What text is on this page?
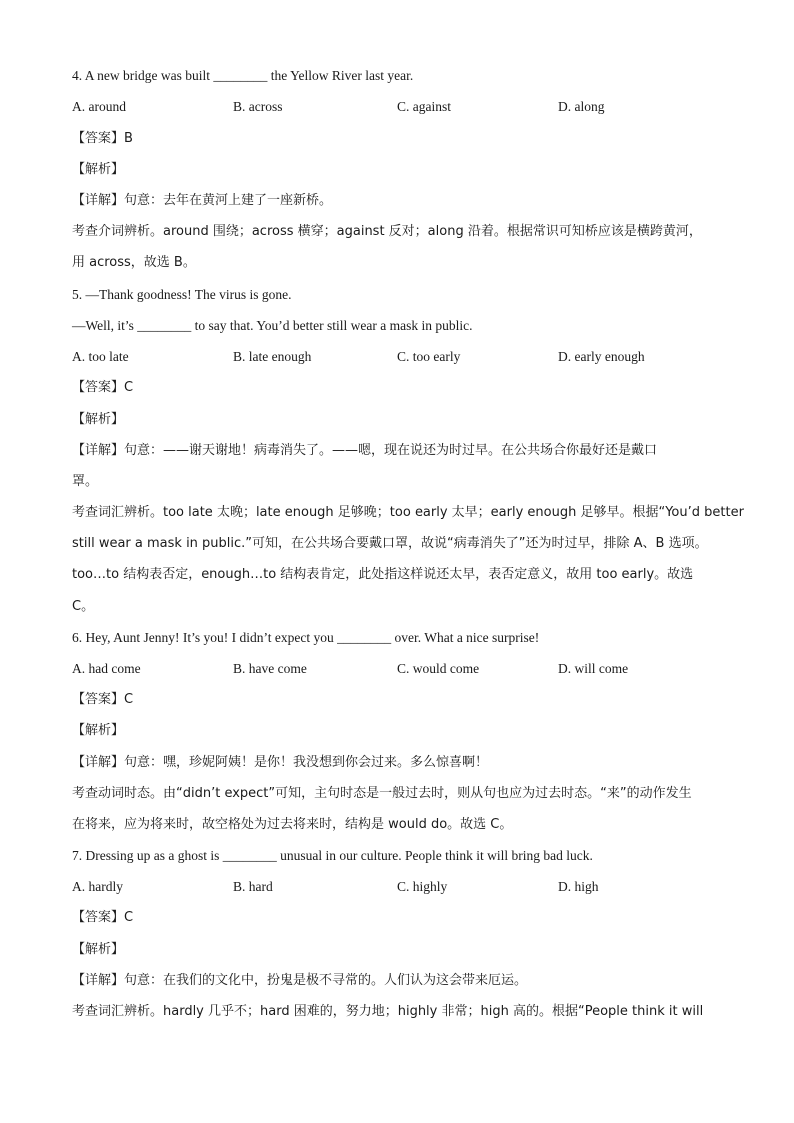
4. A new bridge was built ________ the Yellow River last year.
A. around	B. across	C. against	D. along
【答案】B
【解析】
【详解】句意：去年在黄河上建了一座新桥。
考查介词辨析。around 围绕；across 横穿；against 反对；along 沿着。根据常识可知桥应该是横跨黄河，
用 across，故选 B。
5. —Thank goodness! The virus is gone.
—Well, it’s ________ to say that. You’d better still wear a mask in public.
A. too late	B. late enough	C. too early	D. early enough
【答案】C
【解析】
【详解】句意：——谢天谢地！病毒消失了。——嗯，现在说还为时过早。在公共场合你最好还是戴口
罩。
考查词汇辨析。too late 太晚；late enough 足够晚；too early 太早；early enough 足够早。根据“You’d better
still wear a mask in public.”可知，在公共场合要戴口罩，故说“病毒消失了”还为时过早，排除 A、B 选项。
too…to 结构表否定，enough…to 结构表肯定，此处指这样说还太早，表否定意义，故用 too early。故选
C。
6. Hey, Aunt Jenny! It’s you! I didn’t expect you ________ over. What a nice surprise!
A. had come	B. have come	C. would come	D. will come
【答案】C
【解析】
【详解】句意：嘿，珍妮阿姨！是你！我没想到你会过来。多么惊喜啊！
考查动词时态。由“didn’t expect”可知，主句时态是一般过去时，则从句也应为过去时态。“来”的动作发生
在将来，应为将来时，故空格处为过去将来时，结构是 would do。故选 C。
7. Dressing up as a ghost is ________ unusual in our culture. People think it will bring bad luck.
A. hardly	B. hard	C. highly	D. high
【答案】C
【解析】
【详解】句意：在我们的文化中，扮鬼是极不寻常的。人们认为这会带来厄运。
考查词汇辨析。hardly 几乎不；hard 困难的，努力地；highly 非常；high 高的。根据“People think it will
